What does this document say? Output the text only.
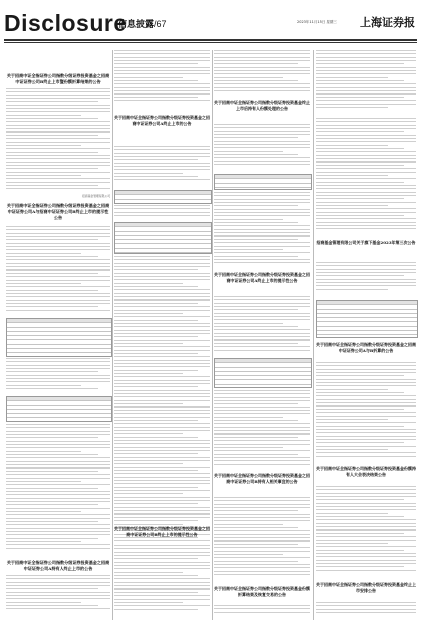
Disclosure
信息披露/67	2023年11月15日 星期三 上海证券报
关于招商中证全指证券公司指数分级证券投资基金之招商中证证券公司B终止上市暨份额折算结果的公告
招商基金管理有限公司
关于招商中证全指证券公司指数分级证券投资基金之招商中证证券公司A与招商中证证券公司B终止上市的提示性公告
关于招商中证全指证券公司指数分级证券投资基金之招商中证证券公司A持有人终止上市的公告
关于招商中证全指证券公司指数分级证券投资基金之招商中证证券公司A终止上市的公告
关于招商中证全指证券公司指数分级证券投资基金之招商中证证券公司B终止上市的提示性公告
关于招商中证全指证券公司指数分级证券投资基金终止上市后持有人份额处理的公告
关于招商中证全指证券公司指数分级证券投资基金之招商中证证券公司A终止上市的提示性公告
关于招商中证全指证券公司指数分级证券投资基金之招商中证证券公司B持有人相关事宜的公告
关于招商中证全指证券公司指数分级证券投资基金份额折算结果及恢复交易的公告
招商基金管理有限公司关于旗下基金2023年第三次公告
关于招商中证全指证券公司指数分级证券投资基金之招商中证证券公司A与B折算的公告
关于招商中证全指证券公司指数分级证券投资基金份额持有人大会表决结果公告
关于招商中证全指证券公司指数分级证券投资基金终止上市安排公告
